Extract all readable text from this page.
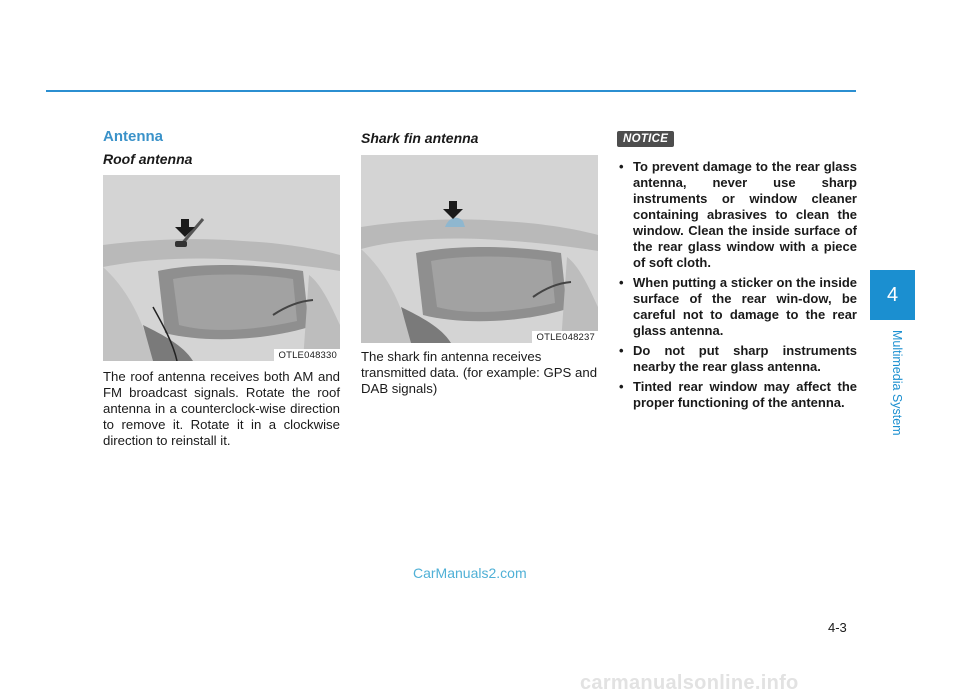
Antenna
Roof antenna
OTLE048330

The roof antenna receives both AM and FM broadcast signals. Rotate the roof antenna in a counterclock-wise direction to remove it. Rotate it in a clockwise direction to reinstall it.

Shark fin antenna
OTLE048237

The shark fin antenna receives transmitted data. (for example: GPS and DAB signals)

NOTICE
• To prevent damage to the rear glass antenna, never use sharp instruments or window cleaner containing abrasives to clean the window. Clean the inside surface of the rear glass window with a piece of soft cloth.
• When putting a sticker on the inside surface of the rear win-dow, be careful not to damage to the rear glass antenna.
• Do not put sharp instruments nearby the rear glass antenna.
• Tinted rear window may affect the proper functioning of the antenna.
4
Multimedia System
4-3
CarManuals2.com
carmanualsonline.info
